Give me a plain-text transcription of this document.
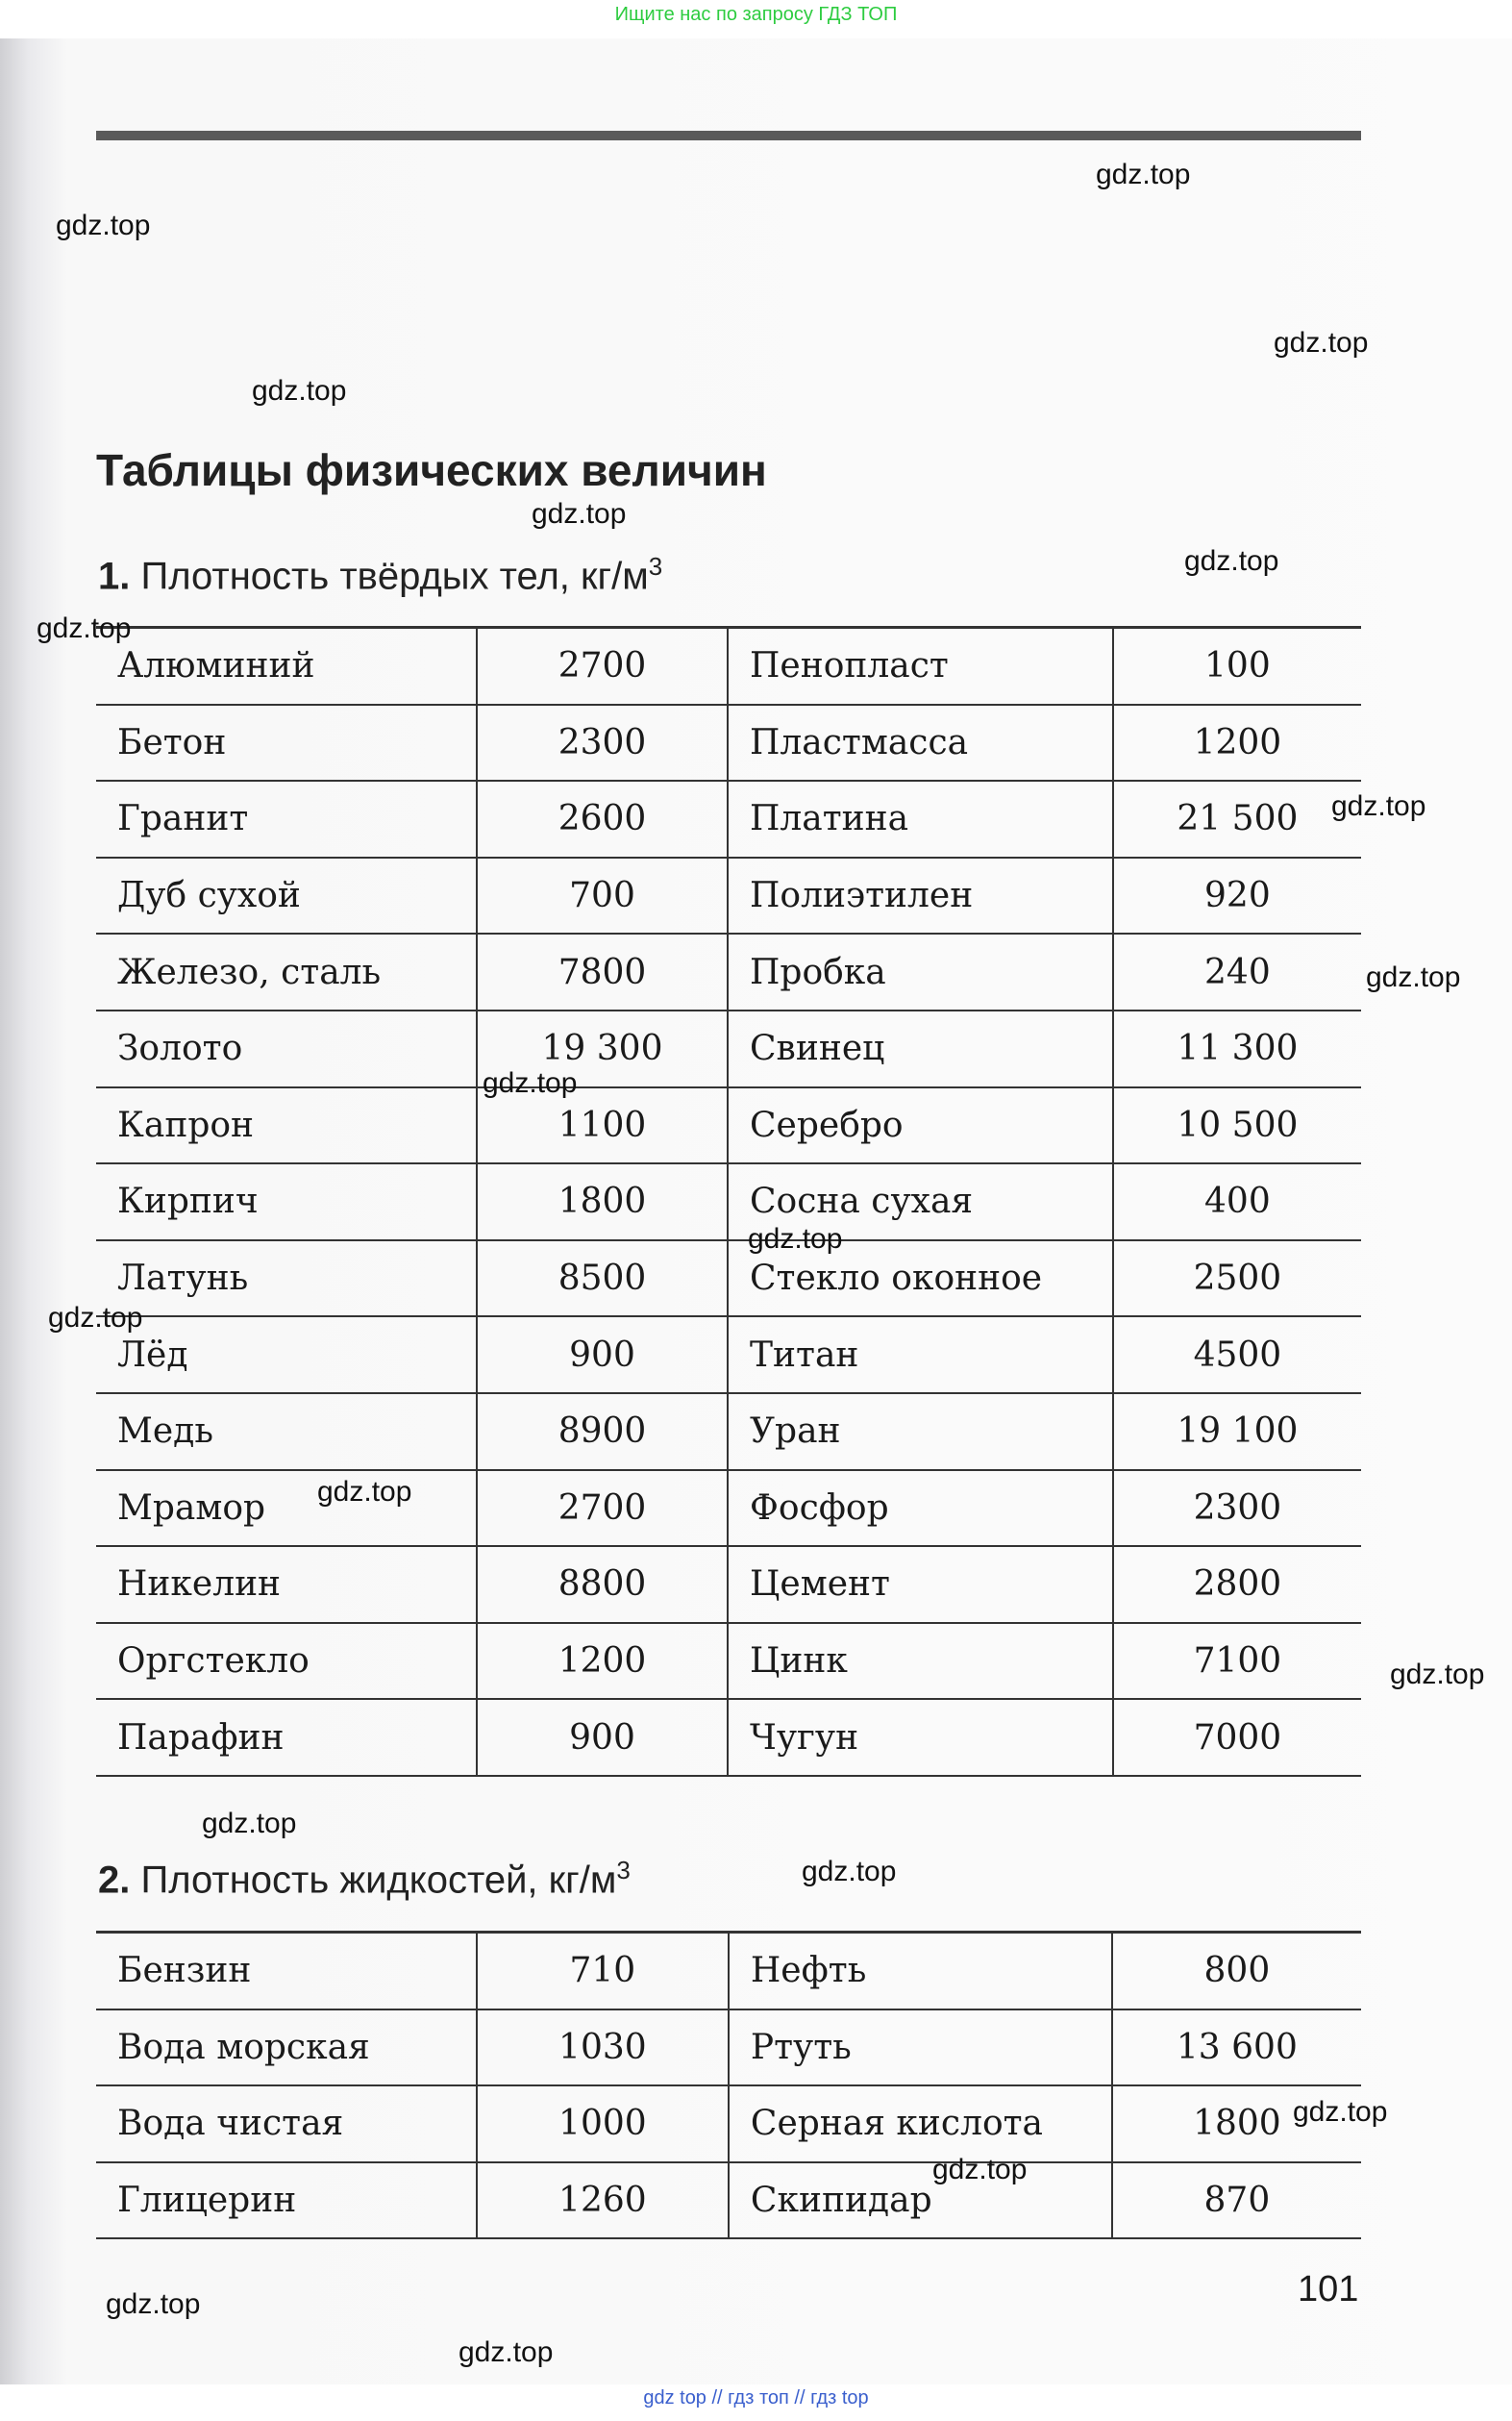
Ищите нас по запросу ГДЗ ТОП
Таблицы физических величин
1. Плотность твёрдых тел, $кг/м^3$
Алюминий	2700	Пенопласт	100
Бетон	2300	Пластмасса	1200
Гранит	2600	Платина	21 500
Дуб сухой	700	Полиэтилен	920
Железо, сталь	7800	Пробка	240
Золото	19 300	Свинец	11 300
Капрон	1100	Серебро	10 500
Кирпич	1800	Сосна сухая	400
Латунь	8500	Стекло оконное	2500
Лёд	900	Титан	4500
Медь	8900	Уран	19 100
Мрамор	2700	Фосфор	2300
Никелин	8800	Цемент	2800
Оргстекло	1200	Цинк	7100
Парафин	900	Чугун	7000
2. Плотность жидкостей, $кг/м^3$
Бензин	710	Нефть	800
Вода морская	1030	Ртуть	13 600
Вода чистая	1000	Серная кислота	1800
Глицерин	1260	Скипидар	870
101
gdz top // гдз топ // гдз top
gdz.top
gdz.top
gdz.top
gdz.top
gdz.top
gdz.top
gdz.top
gdz.top
gdz.top
gdz.top
gdz.top
gdz.top
gdz.top
gdz.top
gdz.top
gdz.top
gdz.top
gdz.top
gdz.top
gdz.top
